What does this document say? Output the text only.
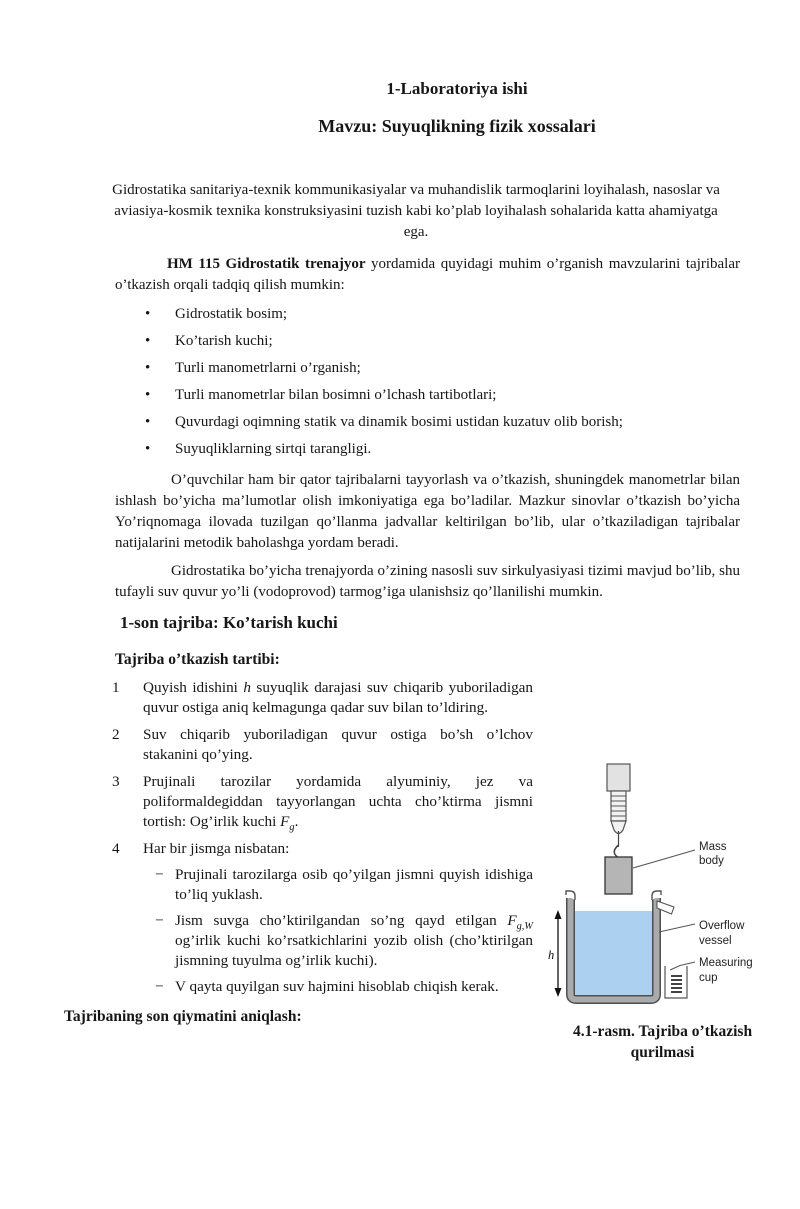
1-Laboratoriya ishi
Mavzu: Suyuqlikning fizik xossalari

Gidrostatika sanitariya-texnik kommunikasiyalar va muhandislik tarmoqlarini loyihalash, nasoslar va aviasiya-kosmik texnika konstruksiyasini tuzish kabi ko’plab loyihalash sohalarida katta ahamiyatga ega.

HM 115 Gidrostatik trenajyor yordamida quyidagi muhim o’rganish mavzularini tajribalar o’tkazish orqali tadqiq qilish mumkin:

•	Gidrostatik bosim;
•	Ko’tarish kuchi;
•	Turli manometrlarni o’rganish;
•	Turli manometrlar bilan bosimni o’lchash tartibotlari;
•	Quvurdagi oqimning statik va dinamik bosimi ustidan kuzatuv olib borish;
•	Suyuqliklarning sirtqi tarangligi.

O’quvchilar ham bir qator tajribalarni tayyorlash va o’tkazish, shuningdek manometrlar bilan ishlash bo’yicha ma’lumotlar olish imkoniyatiga ega bo’ladilar. Mazkur sinovlar o’tkazish bo’yicha Yo’riqnomaga ilovada tuzilgan qo’llanma jadvallar keltirilgan bo’lib, ular o’tkaziladigan tajribalar natijalarini metodik baholashga yordam beradi.

Gidrostatika bo’yicha trenajyorda o’zining nasosli suv sirkulyasiyasi tizimi mavjud bo’lib, shu tufayli suv quvur yo’li (vodoprovod) tarmog’iga ulanishsiz qo’llanilishi mumkin.

1-son tajriba: Ko’tarish kuchi
Tajriba o’tkazish tartibi:
1	Quyish idishini h suyuqlik darajasi suv chiqarib yuboriladigan quvur ostiga aniq kelmagunga qadar suv bilan to’ldiring.
2	Suv chiqarib yuboriladigan quvur ostiga bo’sh o’lchov stakanini qo’ying.
3	Prujinali tarozilar yordamida alyuminiy, jez va poliformaldegiddan tayyorlangan uchta cho’ktirma jismni tortish: Og’irlik kuchi $F_g$.
4	Har bir jismga nisbatan:
− Prujinali tarozilarga osib qo’yilgan jismni quyish idishiga to’liq yuklash.
− Jism suvga cho’ktirilgandan so’ng qayd etilgan $F_{g,W}$ og’irlik kuchi ko’rsatkichlarini yozib olish (cho’ktirilgan jismning tuyulma og’irlik kuchi).
− V qayta quyilgan suv hajmini hisoblab chiqish kerak.
Tajribaning son qiymatini aniqlash:
h
Mass
body
Overflow
vessel
Measuring
cup
4.1-rasm. Tajriba o’tkazish qurilmasi
